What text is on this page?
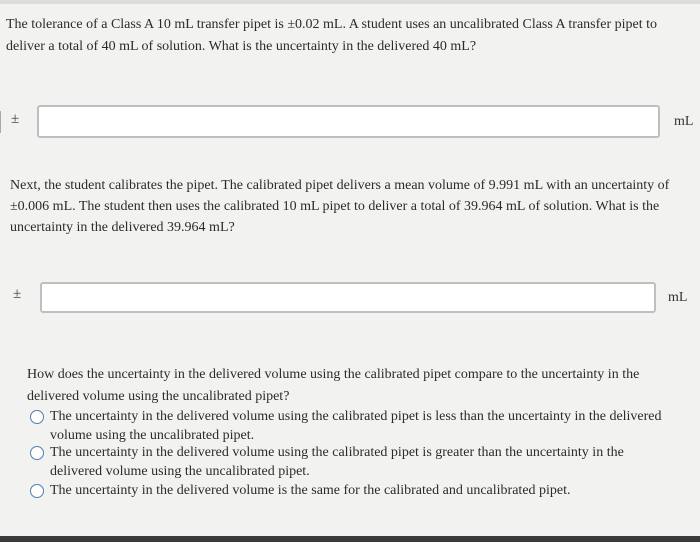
The tolerance of a Class A 10 mL transfer pipet is ±0.02 mL. A student uses an uncalibrated Class A transfer pipet to deliver a total of 40 mL of solution. What is the uncertainty in the delivered 40 mL?
±	mL
Next, the student calibrates the pipet. The calibrated pipet delivers a mean volume of 9.991 mL with an uncertainty of ±0.006 mL. The student then uses the calibrated 10 mL pipet to deliver a total of 39.964 mL of solution. What is the uncertainty in the delivered 39.964 mL?
±	mL
How does the uncertainty in the delivered volume using the calibrated pipet compare to the uncertainty in the delivered volume using the uncalibrated pipet?
The uncertainty in the delivered volume using the calibrated pipet is less than the uncertainty in the delivered volume using the uncalibrated pipet.
The uncertainty in the delivered volume using the calibrated pipet is greater than the uncertainty in the delivered volume using the uncalibrated pipet.
The uncertainty in the delivered volume is the same for the calibrated and uncalibrated pipet.
